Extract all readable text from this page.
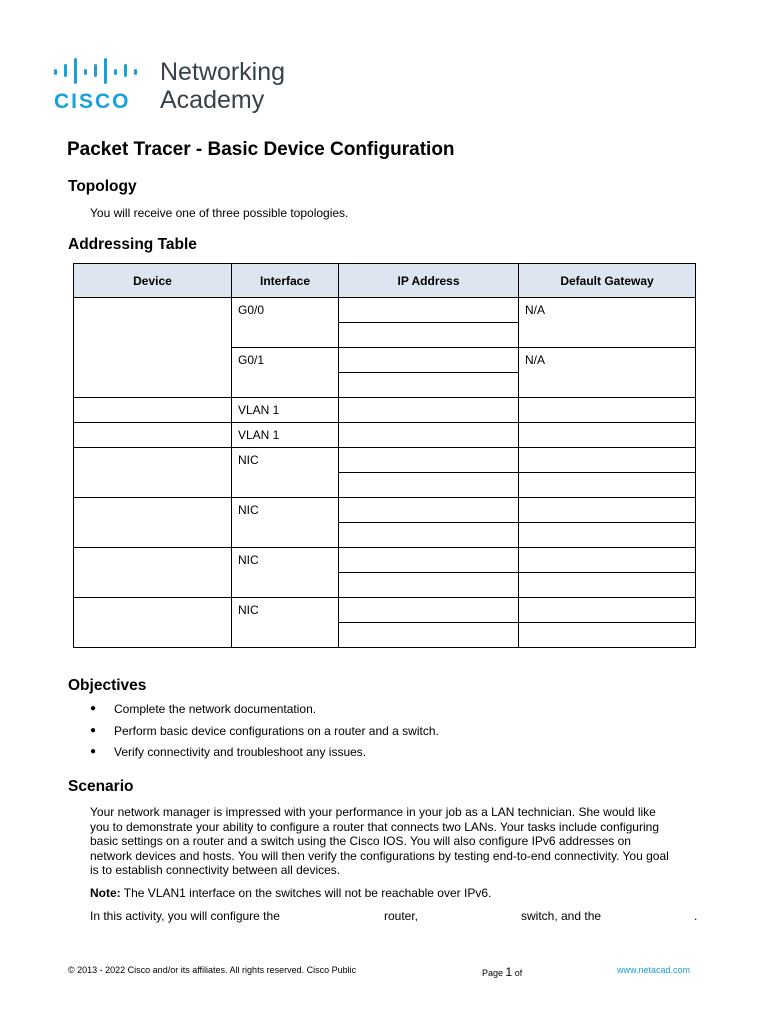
CISCO
Networking
Academy
Packet Tracer - Basic Device Configuration
Topology
You will receive one of three possible topologies.
Addressing Table
Device	Interface	IP Address	Default Gateway
	G0/0		N/A

	G0/1		N/A

	VLAN 1		
	VLAN 1		
	NIC		

	NIC		

	NIC		

	NIC		

Objectives
●	Complete the network documentation.
●	Perform basic device configurations on a router and a switch.
●	Verify connectivity and troubleshoot any issues.
Scenario
Your network manager is impressed with your performance in your job as a LAN technician. She would like
you to demonstrate your ability to configure a router that connects two LANs. Your tasks include configuring
basic settings on a router and a switch using the Cisco IOS. You will also configure IPv6 addresses on
network devices and hosts. You will then verify the configurations by testing end-to-end connectivity. You goal
is to establish connectivity between all devices.
Note: The VLAN1 interface on the switches will not be reachable over IPv6.
In this activity, you will configure the	router,	switch, and the	.
© 2013 - 2022 Cisco and/or its affiliates. All rights reserved. Cisco Public	Page 1 of	www.netacad.com
